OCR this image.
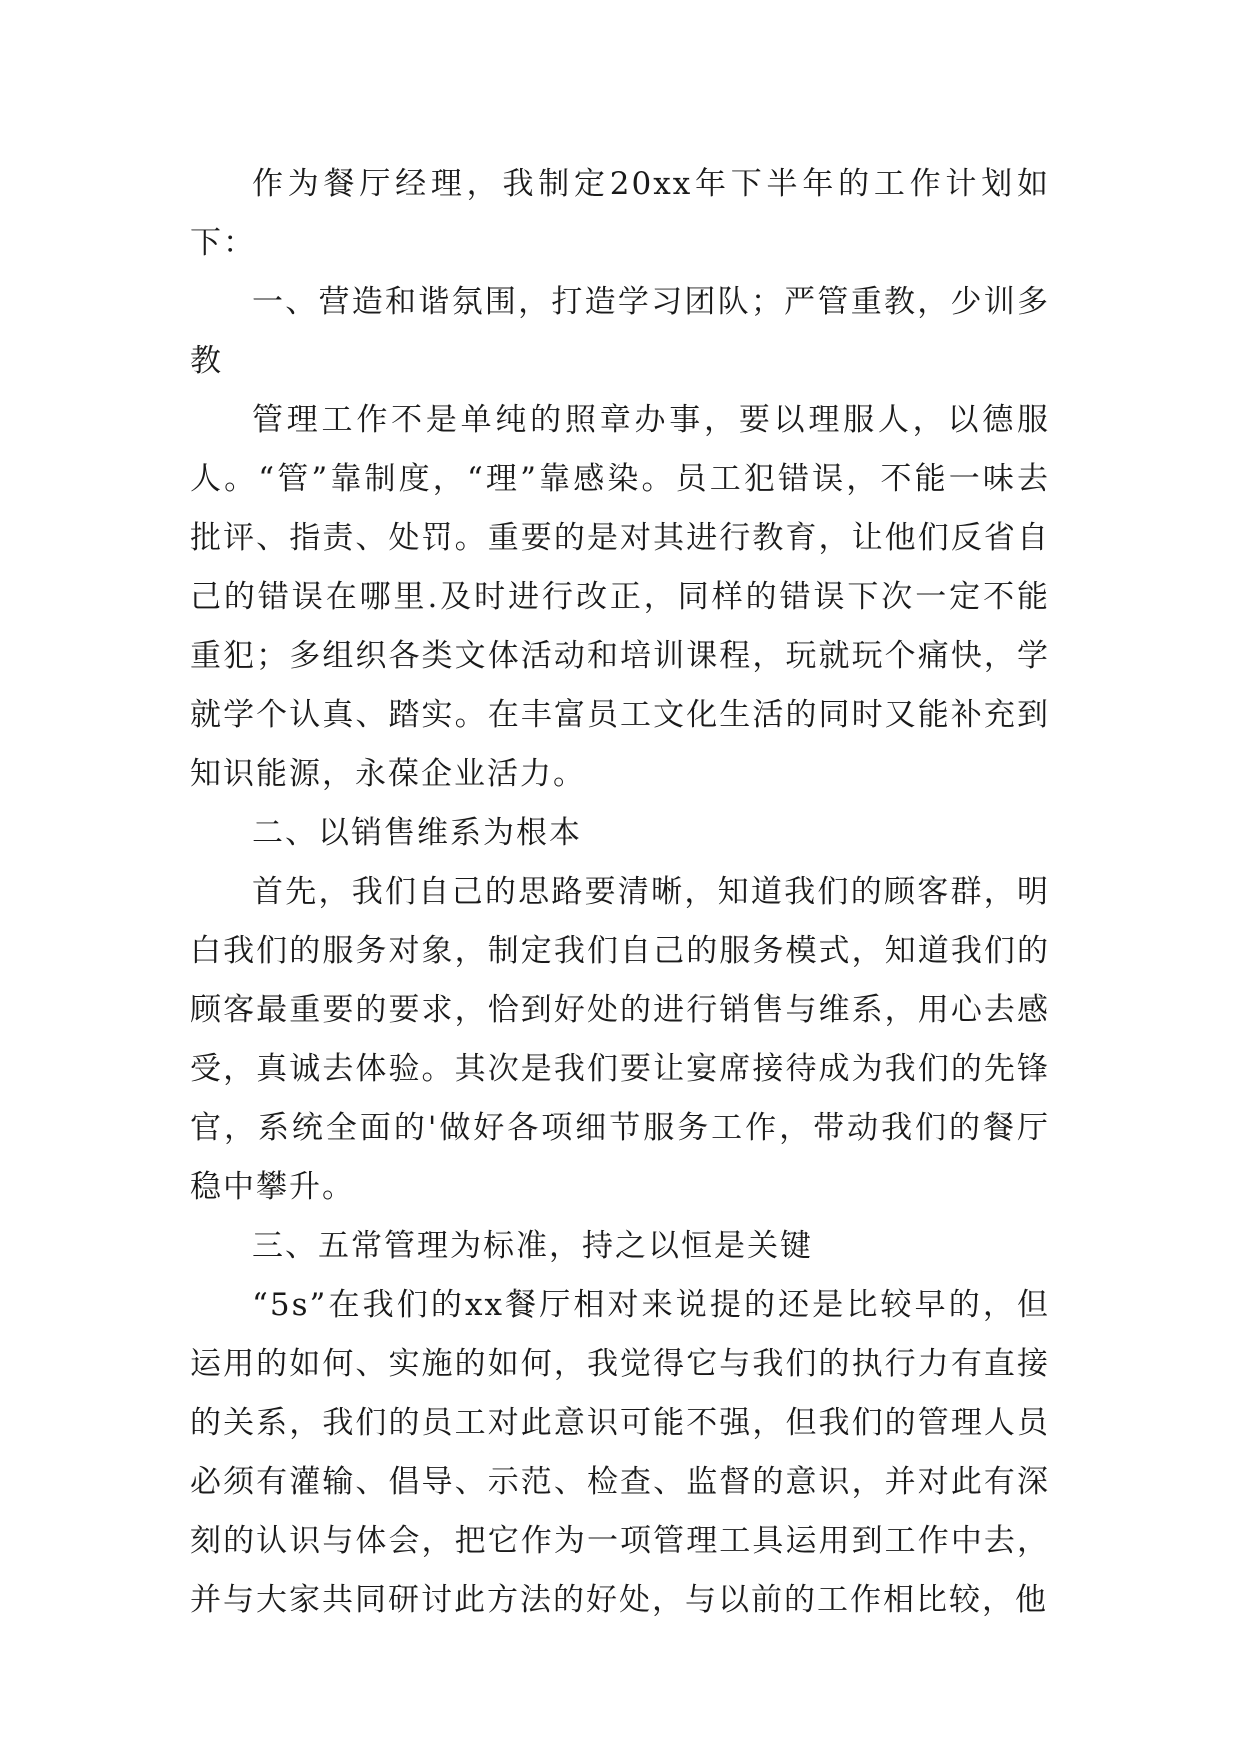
作为餐厅经理，我制定20xx年下半年的工作计划如下：

一、营造和谐氛围，打造学习团队；严管重教，少训多教

管理工作不是单纯的照章办事，要以理服人，以德服人。“管”靠制度，“理”靠感染。员工犯错误，不能一味去批评、指责、处罚。重要的是对其进行教育，让他们反省自己的错误在哪里.及时进行改正，同样的错误下次一定不能重犯；多组织各类文体活动和培训课程，玩就玩个痛快，学就学个认真、踏实。在丰富员工文化生活的同时又能补充到知识能源，永葆企业活力。

二、以销售维系为根本

首先，我们自己的思路要清晰，知道我们的顾客群，明白我们的服务对象，制定我们自己的服务模式，知道我们的顾客最重要的要求，恰到好处的进行销售与维系，用心去感受，真诚去体验。其次是我们要让宴席接待成为我们的先锋官，系统全面的'做好各项细节服务工作，带动我们的餐厅稳中攀升。

三、五常管理为标准，持之以恒是关键

“5s”在我们的xx餐厅相对来说提的还是比较早的，但运用的如何、实施的如何，我觉得它与我们的执行力有直接的关系，我们的员工对此意识可能不强，但我们的管理人员必须有灌输、倡导、示范、检查、监督的意识，并对此有深刻的认识与体会，把它作为一项管理工具运用到工作中去，并与大家共同研讨此方法的好处，与以前的工作相比较，他
